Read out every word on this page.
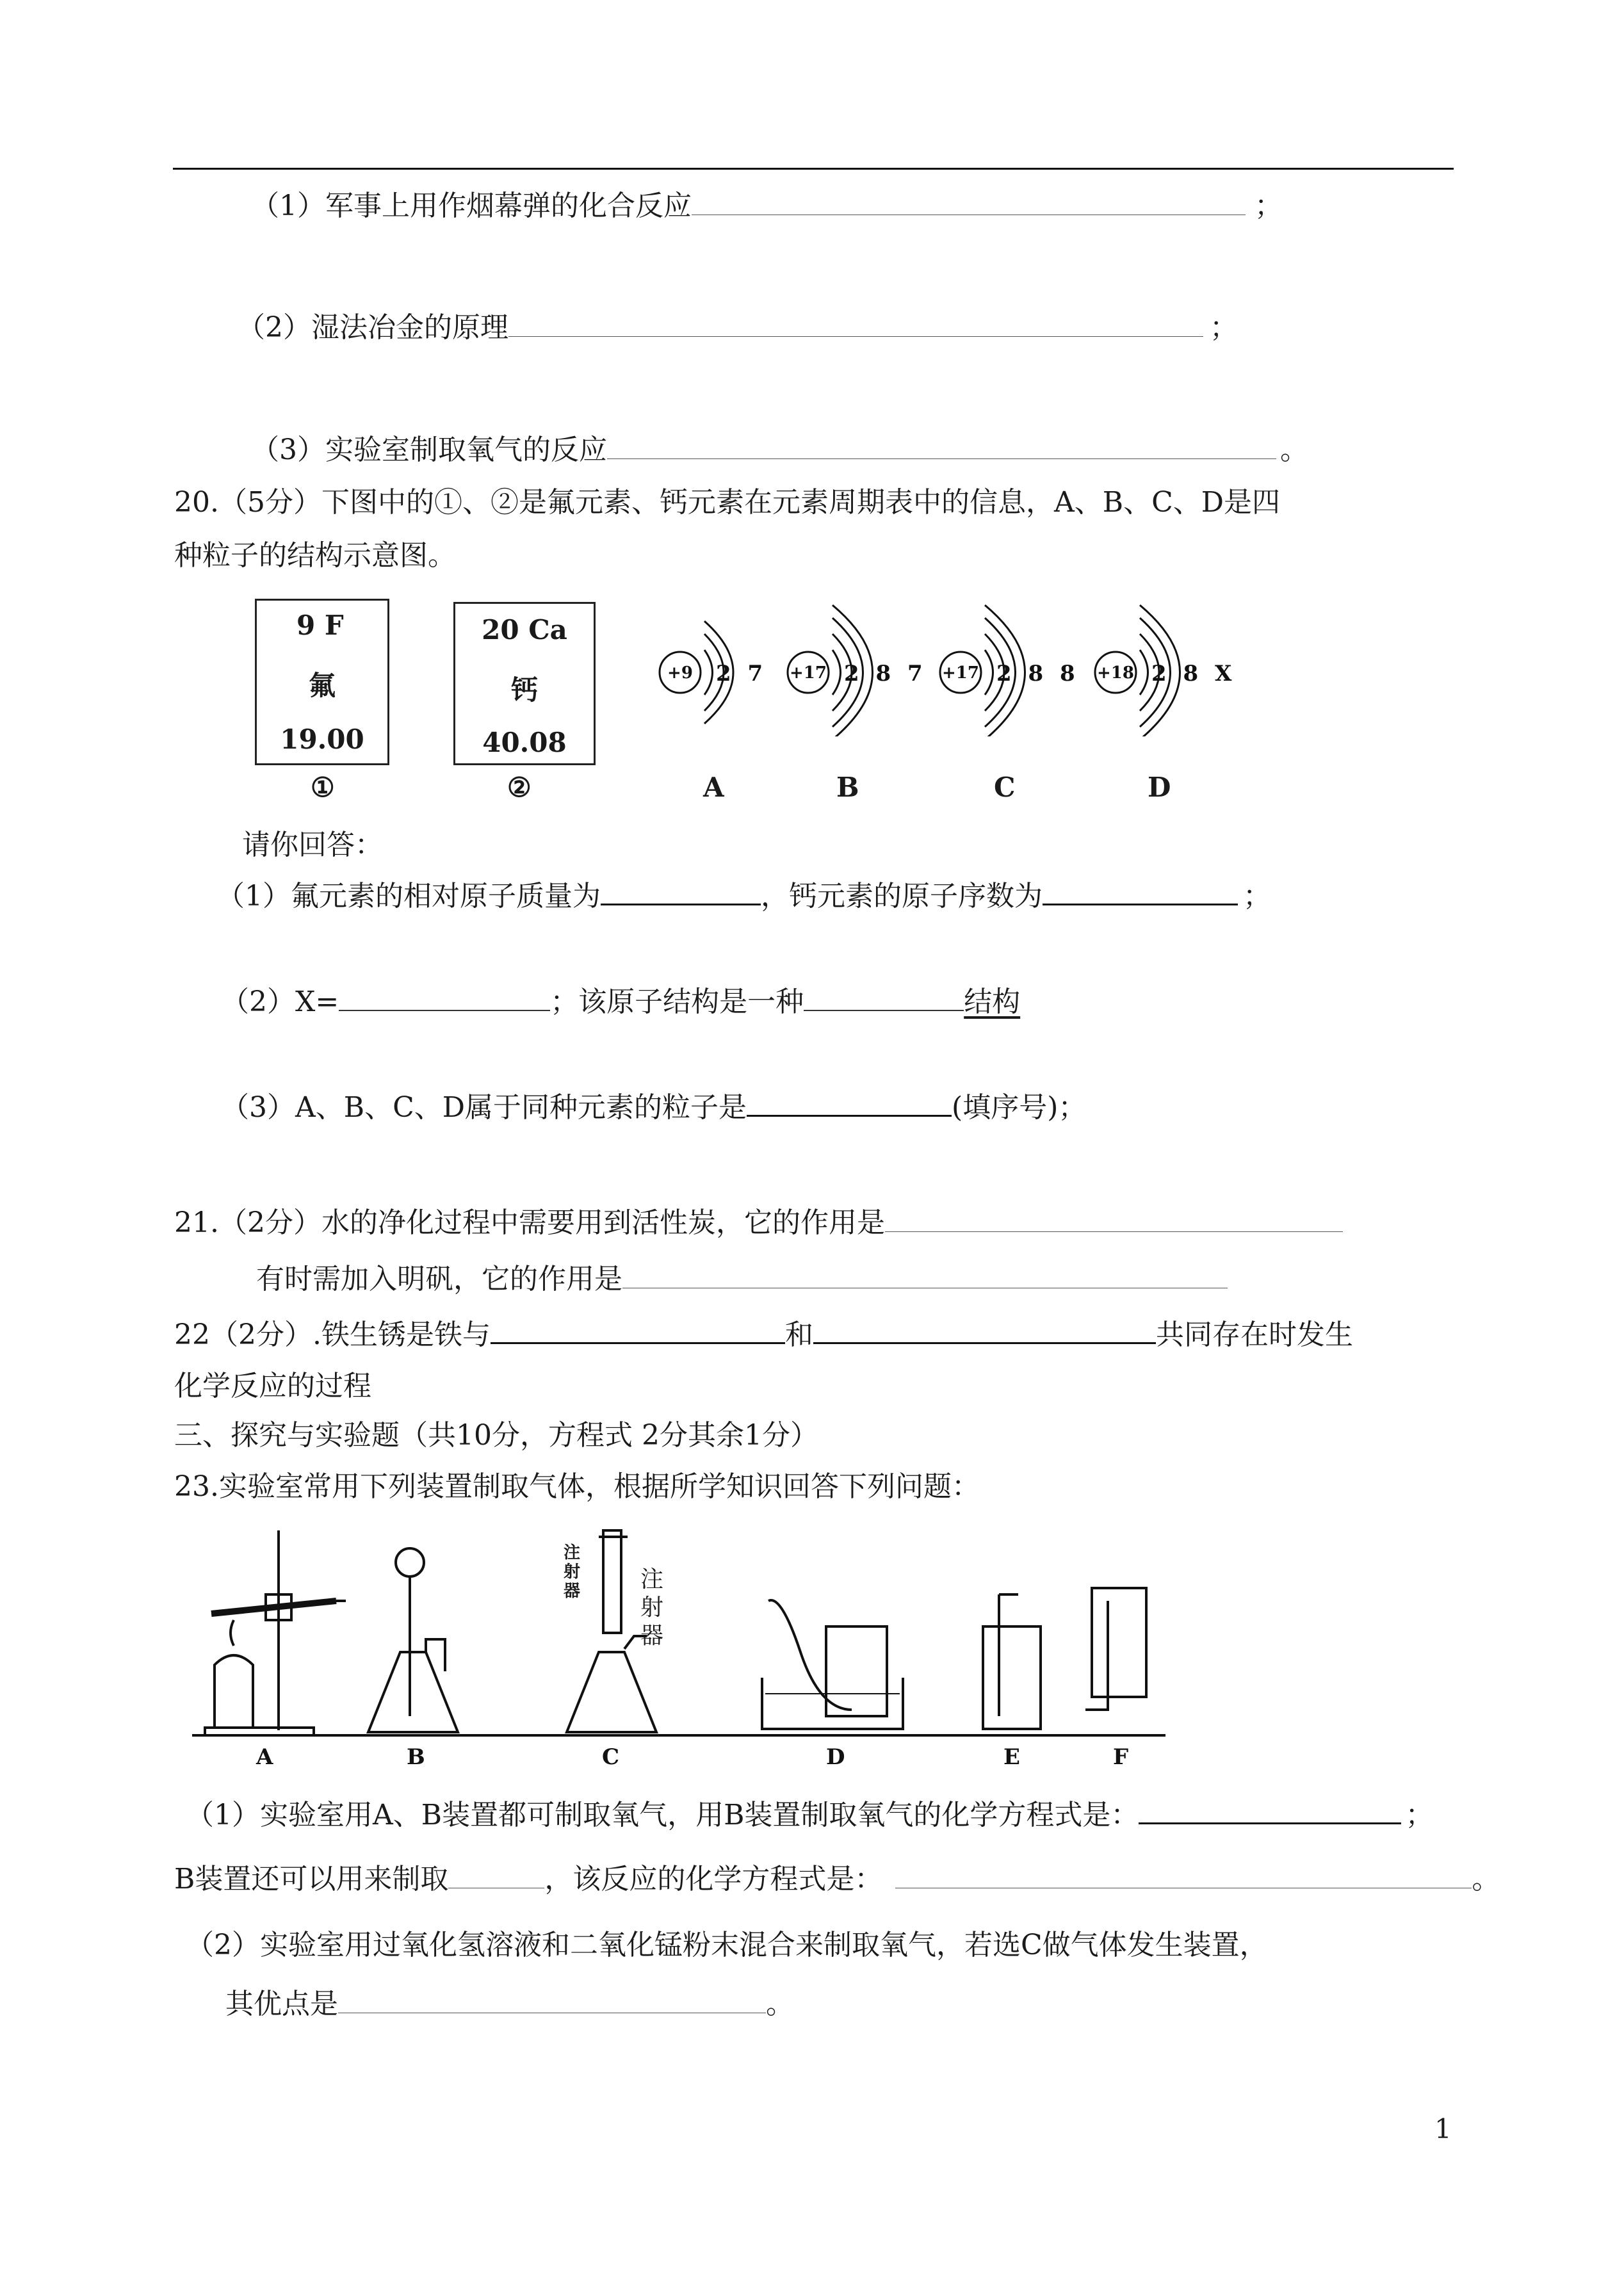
（1）军事上用作烟幕弹的化合反应	；
（2）湿法冶金的原理	；
（3）实验室制取氧气的反应	。
20.（5分）下图中的①、②是氟元素、钙元素在元素周期表中的信息，A、B、C、D是四
种粒子的结构示意图。
9 F
氟
19.00
20 Ca
钙
40.08
①	②
+9	+17	+17	+18
2 7	2 8 7	2 8 8	2 8 X
A	B	C	D
请你回答：
（1）氟元素的相对原子质量为	，钙元素的原子序数为	；
（2）X=	；该原子结构是一种	结构
（3）A、B、C、D属于同种元素的粒子是	(填序号)；
21.（2分）水的净化过程中需要用到活性炭，它的作用是
有时需加入明矾，它的作用是
22（2分）.铁生锈是铁与	和	共同存在时发生
化学反应的过程
三、探究与实验题（共10分，方程式 2分其余1分）
23.实验室常用下列装置制取气体，根据所学知识回答下列问题：
A	B	C	D	E	F
注射器	注射器
（1）实验室用A、B装置都可制取氧气，用B装置制取氧气的化学方程式是：	；
B装置还可以用来制取	，该反应的化学方程式是：	。
（2）实验室用过氧化氢溶液和二氧化锰粉末混合来制取氧气，若选C做气体发生装置，
其优点是	。
1
